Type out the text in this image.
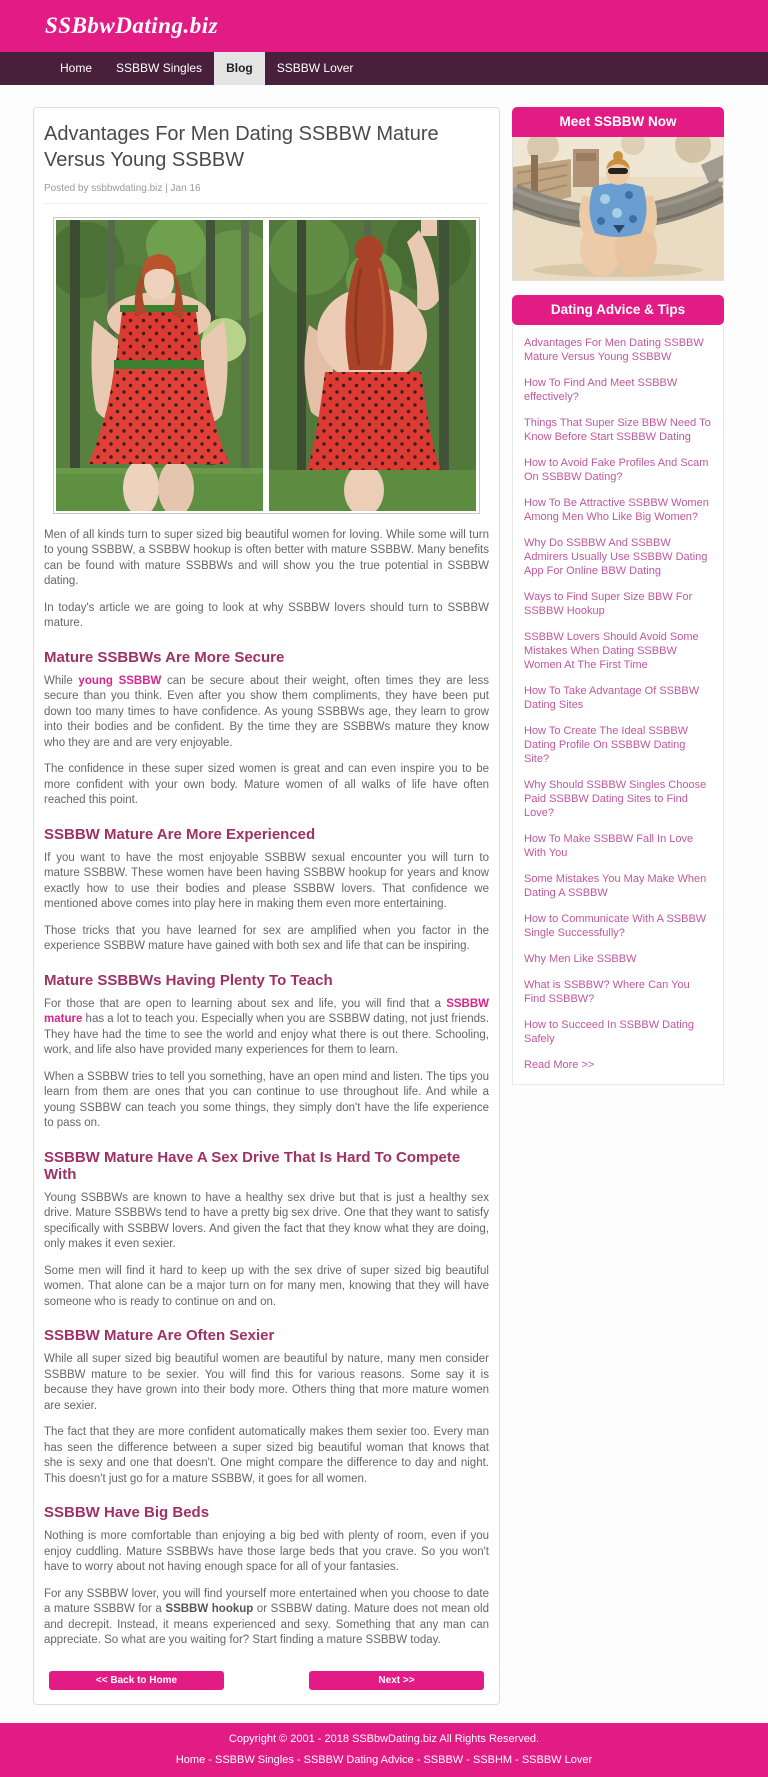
SSBbwDating.biz
Home	SSBBW Singles	Blog	SSBBW Lover
Advantages For Men Dating SSBBW Mature Versus Young SSBBW
Posted by ssbbwdating.biz | Jan 16

Men of all kinds turn to super sized big beautiful women for loving. While some will turn to young SSBBW, a SSBBW hookup is often better with mature SSBBW. Many benefits can be found with mature SSBBWs and will show you the true potential in SSBBW dating.

In today's article we are going to look at why SSBBW lovers should turn to SSBBW mature.

Mature SSBBWs Are More Secure

While young SSBBW can be secure about their weight, often times they are less secure than you think. Even after you show them compliments, they have been put down too many times to have confidence. As young SSBBWs age, they learn to grow into their bodies and be confident. By the time they are SSBBWs mature they know who they are and are very enjoyable.

The confidence in these super sized women is great and can even inspire you to be more confident with your own body. Mature women of all walks of life have often reached this point.

SSBBW Mature Are More Experienced

If you want to have the most enjoyable SSBBW sexual encounter you will turn to mature SSBBW. These women have been having SSBBW hookup for years and know exactly how to use their bodies and please SSBBW lovers. That confidence we mentioned above comes into play here in making them even more entertaining.

Those tricks that you have learned for sex are amplified when you factor in the experience SSBBW mature have gained with both sex and life that can be inspiring.

Mature SSBBWs Having Plenty To Teach

For those that are open to learning about sex and life, you will find that a SSBBW mature has a lot to teach you. Especially when you are SSBBW dating, not just friends. They have had the time to see the world and enjoy what there is out there. Schooling, work, and life also have provided many experiences for them to learn.

When a SSBBW tries to tell you something, have an open mind and listen. The tips you learn from them are ones that you can continue to use throughout life. And while a young SSBBW can teach you some things, they simply don't have the life experience to pass on.

SSBBW Mature Have A Sex Drive That Is Hard To Compete With

Young SSBBWs are known to have a healthy sex drive but that is just a healthy sex drive. Mature SSBBWs tend to have a pretty big sex drive. One that they want to satisfy specifically with SSBBW lovers. And given the fact that they know what they are doing, only makes it even sexier.

Some men will find it hard to keep up with the sex drive of super sized big beautiful women. That alone can be a major turn on for many men, knowing that they will have someone who is ready to continue on and on.

SSBBW Mature Are Often Sexier

While all super sized big beautiful women are beautiful by nature, many men consider SSBBW mature to be sexier. You will find this for various reasons. Some say it is because they have grown into their body more. Others thing that more mature women are sexier.

The fact that they are more confident automatically makes them sexier too. Every man has seen the difference between a super sized big beautiful woman that knows that she is sexy and one that doesn't. One might compare the difference to day and night. This doesn't just go for a mature SSBBW, it goes for all women.

SSBBW Have Big Beds

Nothing is more comfortable than enjoying a big bed with plenty of room, even if you enjoy cuddling. Mature SSBBWs have those large beds that you crave. So you won't have to worry about not having enough space for all of your fantasies.

For any SSBBW lover, you will find yourself more entertained when you choose to date a mature SSBBW for a SSBBW hookup or SSBBW dating. Mature does not mean old and decrepit. Instead, it means experienced and sexy. Something that any man can appreciate. So what are you waiting for? Start finding a mature SSBBW today.

<< Back to Home	Next >>
Meet SSBBW Now
Dating Advice & Tips
Advantages For Men Dating SSBBW Mature Versus Young SSBBW
How To Find And Meet SSBBW effectively?
Things That Super Size BBW Need To Know Before Start SSBBW Dating
How to Avoid Fake Profiles And Scam On SSBBW Dating?
How To Be Attractive SSBBW Women Among Men Who Like Big Women?
Why Do SSBBW And SSBBW Admirers Usually Use SSBBW Dating App For Online BBW Dating
Ways to Find Super Size BBW For SSBBW Hookup
SSBBW Lovers Should Avoid Some Mistakes When Dating SSBBW Women At The First Time
How To Take Advantage Of SSBBW Dating Sites
How To Create The Ideal SSBBW Dating Profile On SSBBW Dating Site?
Why Should SSBBW Singles Choose Paid SSBBW Dating Sites to Find Love?
How To Make SSBBW Fall In Love With You
Some Mistakes You May Make When Dating A SSBBW
How to Communicate With A SSBBW Single Successfully?
Why Men Like SSBBW
What is SSBBW? Where Can You Find SSBBW?
How to Succeed In SSBBW Dating Safely
Read More >>
Copyright © 2001 - 2018 SSBbwDating.biz All Rights Reserved.
Home - SSBBW Singles - SSBBW Dating Advice - SSBBW - SSBHM - SSBBW Lover
